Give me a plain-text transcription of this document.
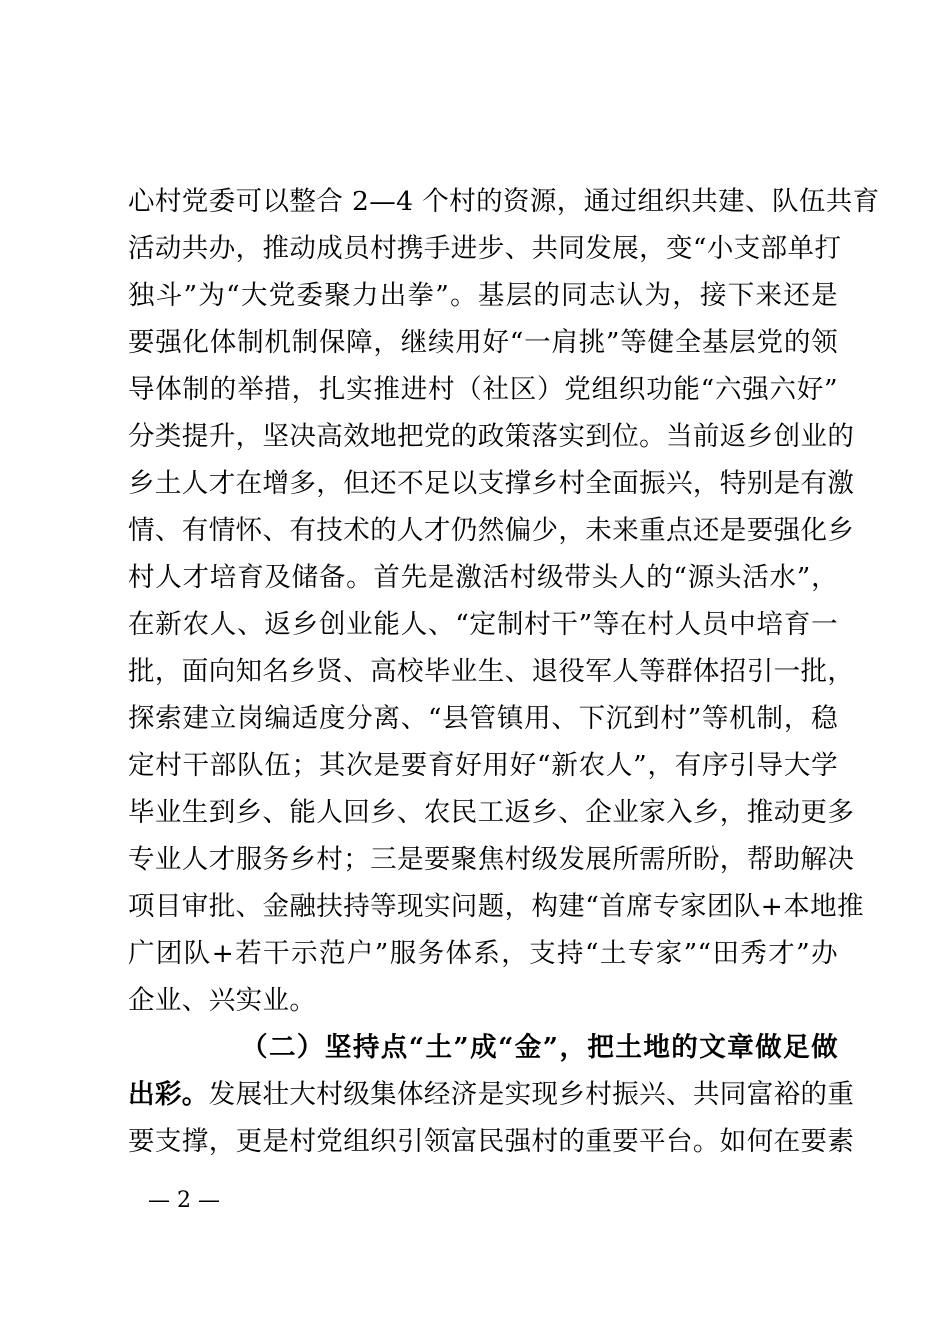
心村党委可以整合 2—4 个村的资源，通过组织共建、队伍共育
活动共办，推动成员村携手进步、共同发展，变“小支部单打
独斗”为“大党委聚力出拳”。基层的同志认为，接下来还是
要强化体制机制保障，继续用好“一肩挑”等健全基层党的领
导体制的举措，扎实推进村（社区）党组织功能“六强六好”
分类提升，坚决高效地把党的政策落实到位。当前返乡创业的
乡土人才在增多，但还不足以支撑乡村全面振兴，特别是有激
情、有情怀、有技术的人才仍然偏少，未来重点还是要强化乡
村人才培育及储备。首先是激活村级带头人的“源头活水”，
在新农人、返乡创业能人、“定制村干”等在村人员中培育一
批，面向知名乡贤、高校毕业生、退役军人等群体招引一批，
探索建立岗编适度分离、“县管镇用、下沉到村”等机制，稳
定村干部队伍；其次是要育好用好“新农人”，有序引导大学
毕业生到乡、能人回乡、农民工返乡、企业家入乡，推动更多
专业人才服务乡村；三是要聚焦村级发展所需所盼，帮助解决
项目审批、金融扶持等现实问题，构建“首席专家团队+本地推
广团队+若干示范户”服务体系，支持“土专家”“田秀才”办
企业、兴实业。
（二）坚持点“土”成“金”，把土地的文章做足做
出彩。发展壮大村级集体经济是实现乡村振兴、共同富裕的重
要支撑，更是村党组织引领富民强村的重要平台。如何在要素
— 2 —
